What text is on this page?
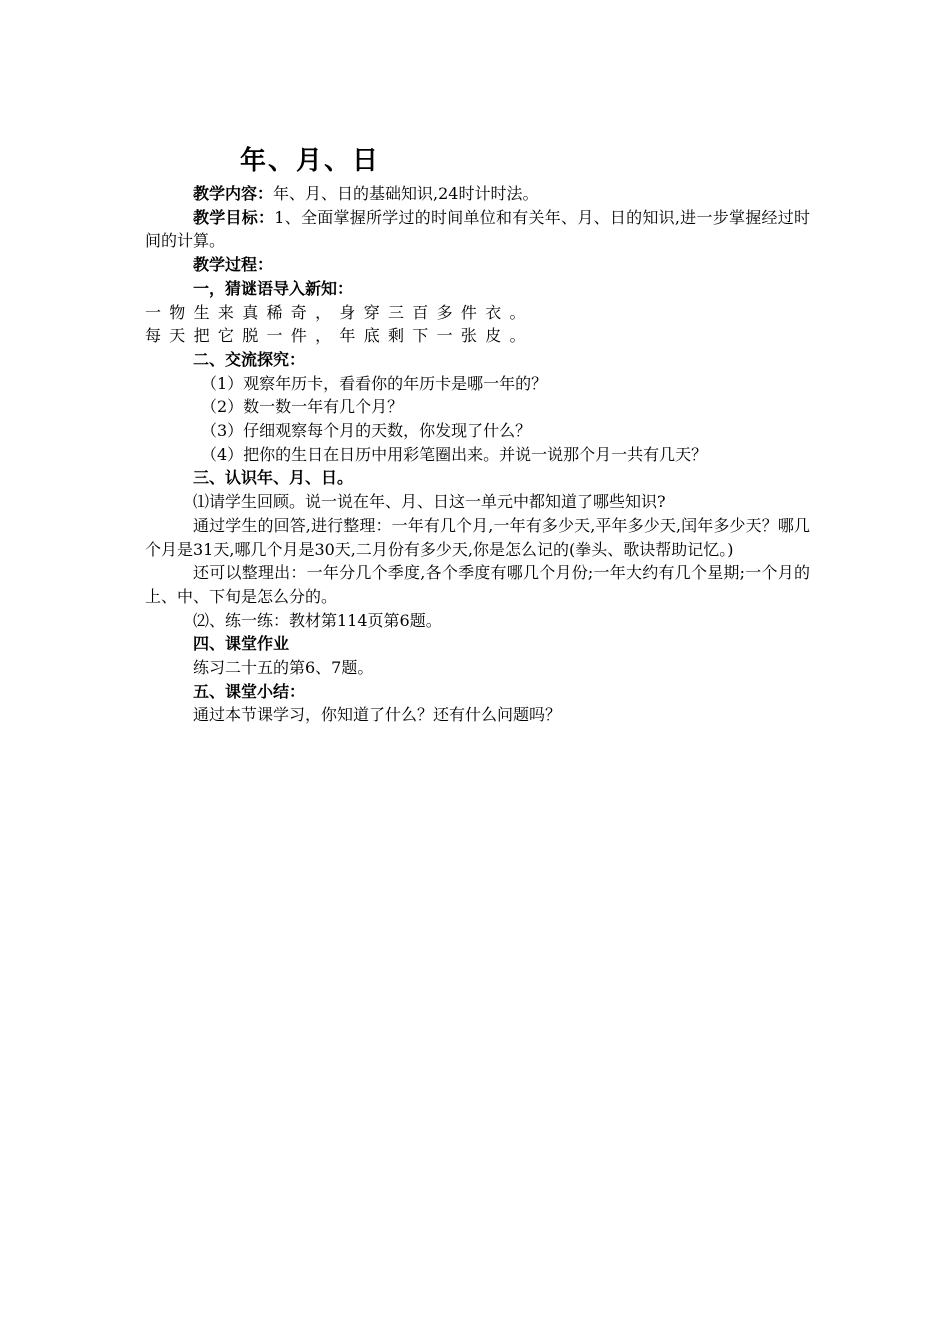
年、月、日

教学内容：年、月、日的基础知识,24时计时法。

教学目标：1、全面掌握所学过的时间单位和有关年、月、日的知识,进一步掌握经过时间的计算。

教学过程：

一，猜谜语导入新知：

一物生来真稀奇，身穿三百多件衣。

每天把它脱一件，年底剩下一张皮。

二、交流探究：

（1）观察年历卡，看看你的年历卡是哪一年的？

（2）数一数一年有几个月？

（3）仔细观察每个月的天数，你发现了什么？

（4）把你的生日在日历中用彩笔圈出来。并说一说那个月一共有几天？

三、认识年、月、日。

⑴请学生回顾。说一说在年、月、日这一单元中都知道了哪些知识?

通过学生的回答,进行整理：一年有几个月,一年有多少天,平年多少天,闰年多少天？哪几个月是31天,哪几个月是30天,二月份有多少天,你是怎么记的(拳头、歌诀帮助记忆。)

还可以整理出：一年分几个季度,各个季度有哪几个月份;一年大约有几个星期;一个月的上、中、下旬是怎么分的。

⑵、练一练：教材第114页第6题。

四、课堂作业

练习二十五的第6、7题。

五、课堂小结：

通过本节课学习，你知道了什么？还有什么问题吗？
